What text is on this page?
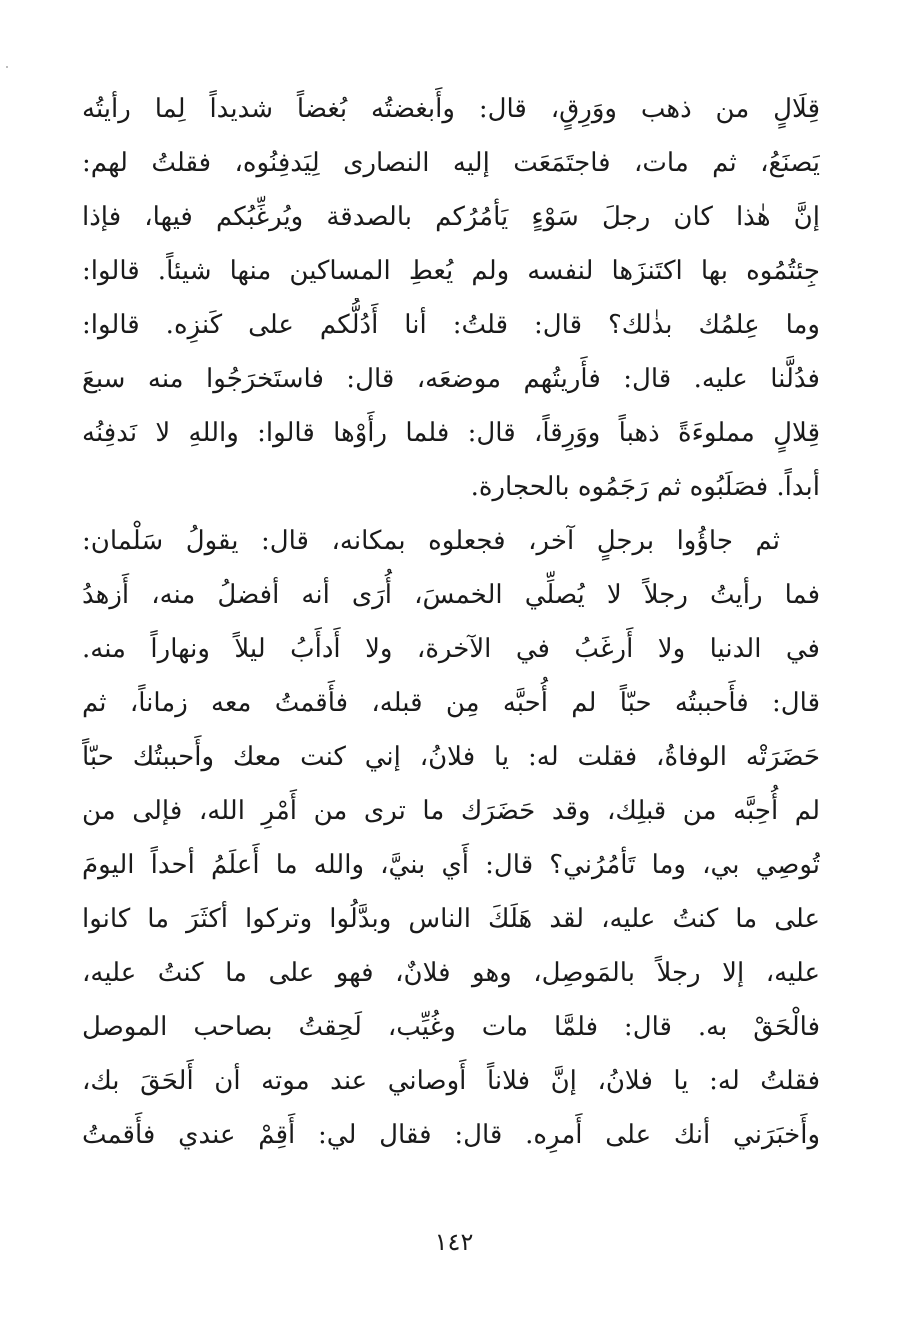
قِلَالٍ من ذهب ووَرِقٍ، قال: وأَبغضتُه بُغضاً شديداً لِما رأيتُه
يَصنَعُ، ثم مات، فاجتَمَعَت إليه النصارى لِيَدفِنُوه، فقلتُ لهم:
إنَّ هٰذا كان رجلَ سَوْءٍ يَأمُرُكم بالصدقة ويُرغِّبُكم فيها، فإذا
جِئتُمُوه بها اكتَنزَها لنفسه ولم يُعطِ المساكين منها شيئاً. قالوا:
وما عِلمُك بذٰلك؟ قال: قلتُ: أنا أَدُلُّكم على كَنزِه. قالوا:
فدُلَّنا عليه. قال: فأَريتُهم موضعَه، قال: فاستَخرَجُوا منه سبعَ
قِلالٍ مملوءَةً ذهباً ووَرِقاً، قال: فلما رأَوْها قالوا: واللهِ لا نَدفِنُه
أبداً. فصَلَبُوه ثم رَجَمُوه بالحجارة.
ثم جاؤُوا برجلٍ آخر، فجعلوه بمكانه، قال: يقولُ سَلْمان:
فما رأيتُ رجلاً لا يُصلِّي الخمسَ، أُرَى أنه أفضلُ منه، أَزهدُ
في الدنيا ولا أَرغَبُ في الآخرة، ولا أَدأَبُ ليلاً ونهاراً منه.
قال: فأَحببتُه حبّاً لم أُحبَّه مِن قبله، فأَقمتُ معه زماناً، ثم
حَضَرَتْه الوفاةُ، فقلت له: يا فلانُ، إني كنت معك وأَحببتُك حبّاً
لم أُحِبَّه من قبلِك، وقد حَضَرَك ما ترى من أَمْرِ الله، فإلى من
تُوصِي بي، وما تَأمُرُني؟ قال: أَي بنيَّ، والله ما أَعلَمُ أحداً اليومَ
على ما كنتُ عليه، لقد هَلَكَ الناس وبدَّلُوا وتركوا أكثَرَ ما كانوا
عليه، إلا رجلاً بالمَوصِل، وهو فلانٌ، فهو على ما كنتُ عليه،
فالْحَقْ به. قال: فلمَّا مات وغُيِّب، لَحِقتُ بصاحب الموصل
فقلتُ له: يا فلانُ، إنَّ فلاناً أَوصاني عند موته أن أَلحَقَ بك،
وأَخبَرَني أنك على أَمرِه. قال: فقال لي: أَقِمْ عندي فأَقمتُ
١٤٢
